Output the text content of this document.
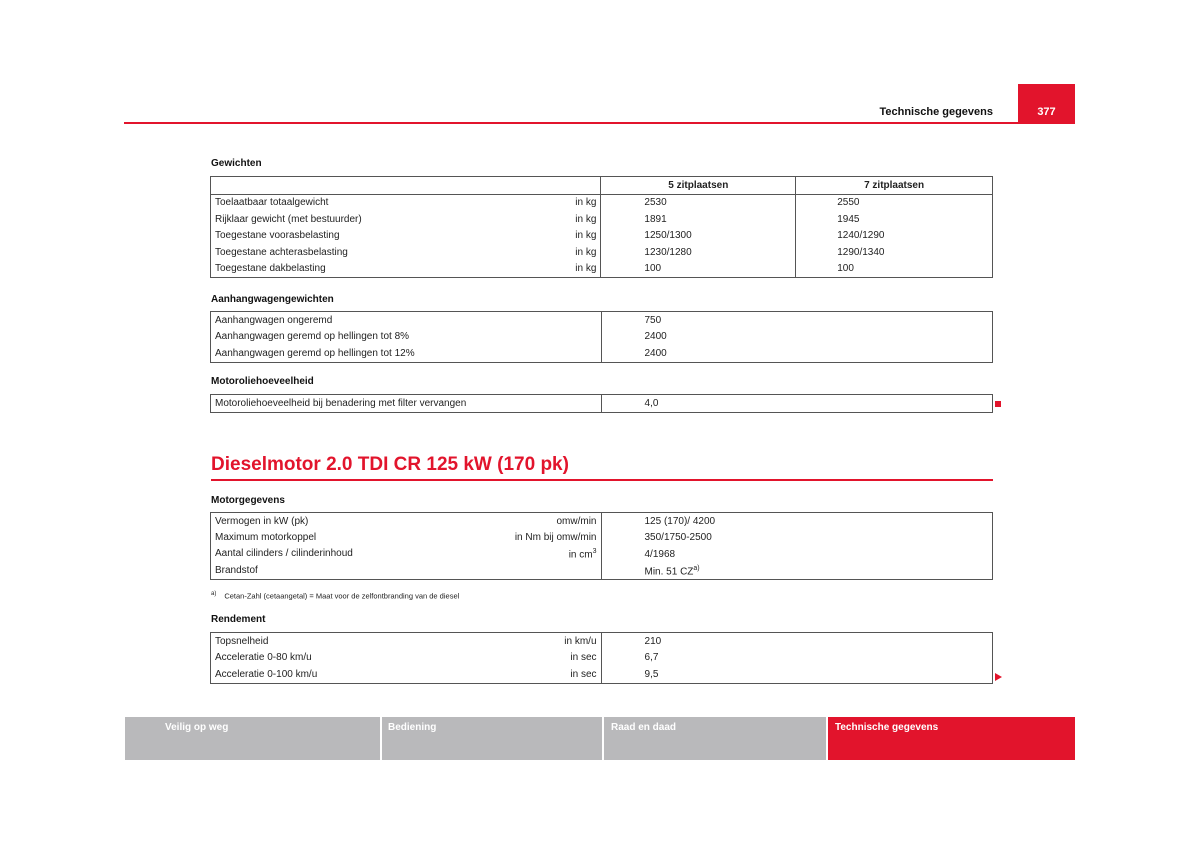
Technische gegevens	377
Gewichten
	5 zitplaatsen	7 zitplaatsen

Toelaatbaar totaalgewicht in kg	2530	2550

Rijklaar gewicht (met bestuurder) in kg	1891	1945

Toegestane voorasbelasting in kg	1250/1300	1240/1290

Toegestane achterasbelasting in kg	1230/1280	1290/1340

Toegestane dakbelasting in kg	100	100
Aanhangwagengewichten
Aanhangwagen ongeremd	750
Aanhangwagen geremd op hellingen tot 8%	2400
Aanhangwagen geremd op hellingen tot 12%	2400
Motoroliehoeveelheid
Motoroliehoeveelheid bij benadering met filter vervangen	4,0
Dieselmotor 2.0 TDI CR 125 kW (170 pk)
Motorgegevens
Vermogen in kW (pk) omw/min	125 (170)/ 4200

Maximum motorkoppel in Nm bij omw/min	350/1750-2500

Aantal cilinders / cilinderinhoud in $cm^3$	4/1968

Brandstof	Min. 51 CZ$^{a)}$
$^{a)}$ Cetan-Zahl (cetaangetal) = Maat voor de zelfontbranding van de diesel
Rendement
Topsnelheid in km/u	210

Acceleratie 0-80 km/u in sec	6,7

Acceleratie 0-100 km/u in sec	9,5
Veilig op weg	Bediening	Raad en daad	Technische gegevens
